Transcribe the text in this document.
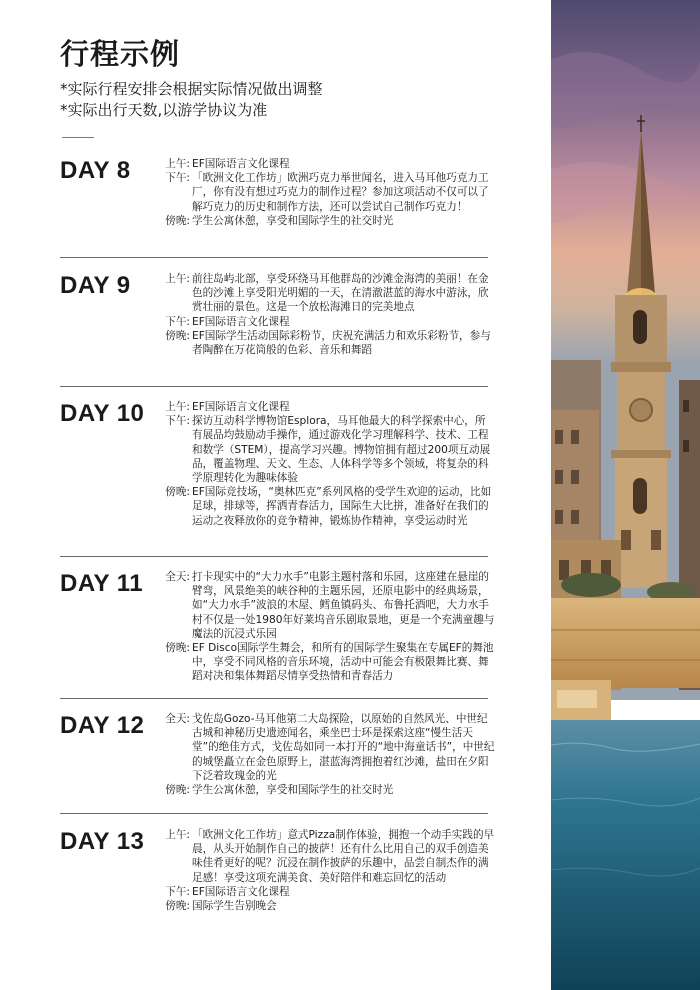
行程示例
*实际行程安排会根据实际情况做出调整
*实际出行天数,以游学协议为准
DAY 8	上午: EF国际语言文化课程
下午: 「欧洲文化工作坊」欧洲巧克力举世闻名，进入马耳他巧克力工厂，你有没有想过巧克力的制作过程？参加这项活动不仅可以了解巧克力的历史和制作方法，还可以尝试自己制作巧克力！
傍晚: 学生公寓休憩，享受和国际学生的社交时光
DAY 9	上午: 前往岛屿北部，享受环绕马耳他群岛的沙滩金海湾的美丽！在金色的沙滩上享受阳光明媚的一天，在清澈湛蓝的海水中游泳，欣赏壮丽的景色。这是一个放松海滩日的完美地点
下午: EF国际语言文化课程
傍晚: EF国际学生活动国际彩粉节，庆祝充满活力和欢乐彩粉节，参与者陶醉在万花筒般的色彩、音乐和舞蹈
DAY 10	上午: EF国际语言文化课程
下午: 探访互动科学博物馆Esplora，马耳他最大的科学探索中心，所有展品均鼓励动手操作，通过游戏化学习理解科学、技术、工程和数学（STEM），提高学习兴趣。博物馆拥有超过200项互动展品，覆盖物理、天文、生态、人体科学等多个领域，将复杂的科学原理转化为趣味体验
傍晚: EF国际竞技场，“奥林匹克”系列风格的受学生欢迎的运动，比如足球，排球等，挥洒青春活力，国际生大比拼，准备好在我们的运动之夜释放你的竞争精神，锻炼协作精神，享受运动时光
DAY 11	全天: 打卡现实中的“大力水手”电影主题村落和乐园，这座建在悬崖的臂弯，风景绝美的峡谷种的主题乐园，还原电影中的经典场景，如“大力水手”波浪的木屋、鳕鱼镇码头、布鲁托酒吧，大力水手村不仅是一处1980年好莱坞音乐剧取景地，更是一个充满童趣与魔法的沉浸式乐园
傍晚: EF Disco国际学生舞会，和所有的国际学生聚集在专属EF的舞池中，享受不同风格的音乐环境，活动中可能会有极限舞比赛、舞蹈对决和集体舞蹈尽情享受热情和青春活力
DAY 12	全天: 戈佐岛Gozo-马耳他第二大岛探险，以原始的自然风光、中世纪古城和神秘历史遗迹闻名，乘坐巴士环是探索这座“慢生活天堂”的绝佳方式，戈佐岛如同一本打开的“地中海童话书”，中世纪的城堡矗立在金色原野上，湛蓝海湾拥抱着红沙滩，盐田在夕阳下泛着玫瑰金的光
傍晚: 学生公寓休憩，享受和国际学生的社交时光
DAY 13	上午: 「欧洲文化工作坊」意式Pizza制作体验，拥抱一个动手实践的早晨，从头开始制作自己的披萨！还有什么比用自己的双手创造美味佳肴更好的呢？沉浸在制作披萨的乐趣中，品尝自制杰作的满足感！享受这项充满美食、美好陪伴和难忘回忆的活动
下午: EF国际语言文化课程
傍晚: 国际学生告别晚会
